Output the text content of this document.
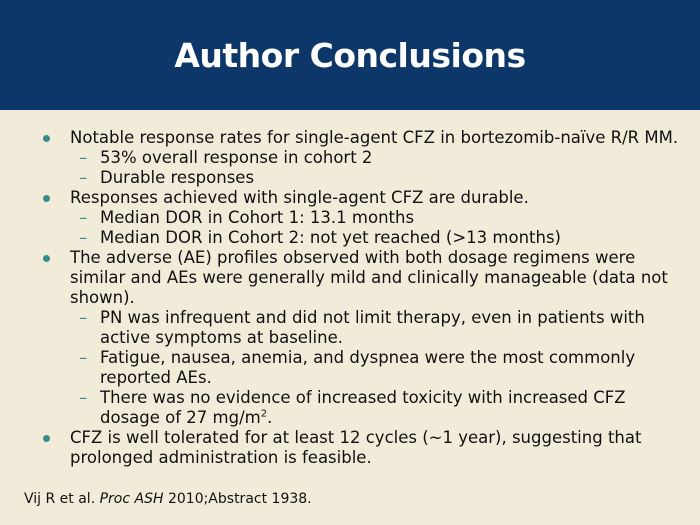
Author Conclusions
Notable response rates for single-agent CFZ in bortezomib-naïve R/R MM.
– 53% overall response in cohort 2
– Durable responses
Responses achieved with single-agent CFZ are durable.
– Median DOR in Cohort 1: 13.1 months
– Median DOR in Cohort 2: not yet reached (>13 months)
The adverse (AE) profiles observed with both dosage regimens were similar and AEs were generally mild and clinically manageable (data not shown).
– PN was infrequent and did not limit therapy, even in patients with active symptoms at baseline.
– Fatigue, nausea, anemia, and dyspnea were the most commonly reported AEs.
– There was no evidence of increased toxicity with increased CFZ dosage of 27 $mg/m^2$.
CFZ is well tolerated for at least 12 cycles (~1 year), suggesting that prolonged administration is feasible.
Vij R et al. Proc ASH 2010;Abstract 1938.
